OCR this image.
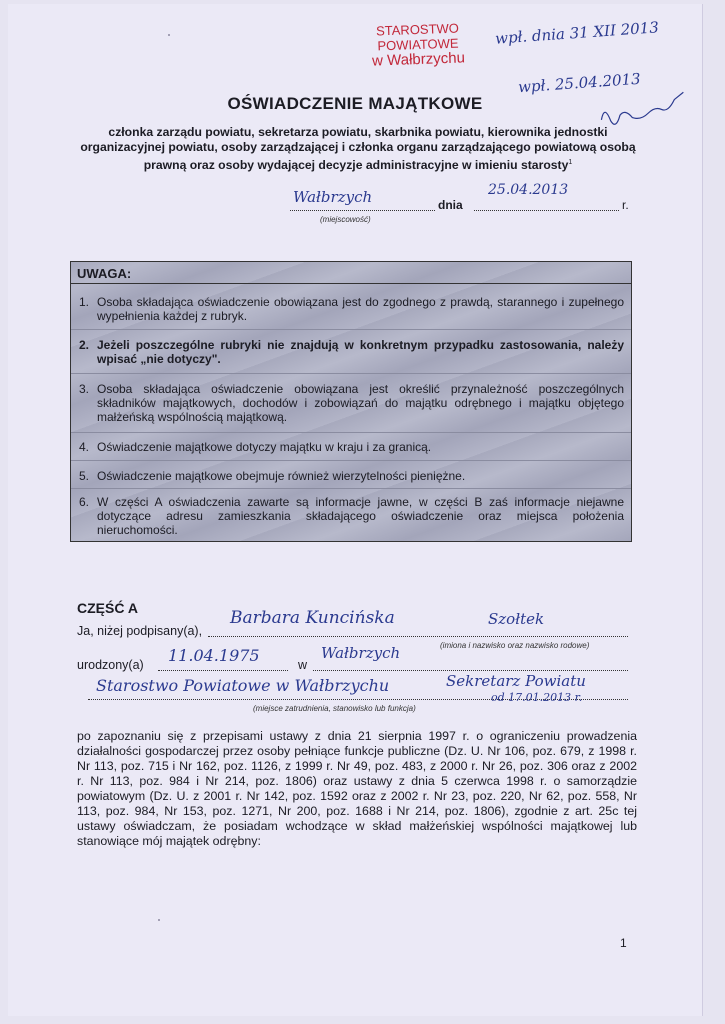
STAROSTWO POWIATOWE
w Wałbrzychu
wpł. dnia 31 XII 2013
wpł. 25.04.2013
OŚWIADCZENIE MAJĄTKOWE
członka zarządu powiatu, sekretarza powiatu, skarbnika powiatu, kierownika jednostki organizacyjnej powiatu, osoby zarządzającej i członka organu zarządzającego powiatową osobą prawną oraz osoby wydającej decyzje administracyjne w imieniu starosty$^1$
Wałbrzych	dnia
25.04.2013
r.
(miejscowość)
UWAGA:
1. Osoba składająca oświadczenie obowiązana jest do zgodnego z prawdą, starannego i zupełnego wypełnienia każdej z rubryk.
2. Jeżeli poszczególne rubryki nie znajdują w konkretnym przypadku zastosowania, należy wpisać „nie dotyczy".
3. Osoba składająca oświadczenie obowiązana jest określić przynależność poszczególnych składników majątkowych, dochodów i zobowiązań do majątku odrębnego i majątku objętego małżeńską wspólnością majątkową.
4. Oświadczenie majątkowe dotyczy majątku w kraju i za granicą.
5. Oświadczenie majątkowe obejmuje również wierzytelności pieniężne.
6. W części A oświadczenia zawarte są informacje jawne, w części B zaś informacje niejawne dotyczące adresu zamieszkania składającego oświadczenie oraz miejsca położenia nieruchomości.
CZĘŚĆ A
Ja, niżej podpisany(a),
Barbara Kuncińska	Szołtek
(imiona i nazwisko oraz nazwisko rodowe)
urodzony(a) 11.04.1975	w
Wałbrzych
Starostwo Powiatowe w Wałbrzychu	Sekretarz Powiatu
od 17.01.2013 r.
(miejsce zatrudnienia, stanowisko lub funkcja)
po zapoznaniu się z przepisami ustawy z dnia 21 sierpnia 1997 r. o ograniczeniu prowadzenia działalności gospodarczej przez osoby pełniące funkcje publiczne (Dz. U. Nr 106, poz. 679, z 1998 r. Nr 113, poz. 715 i Nr 162, poz. 1126, z 1999 r. Nr 49, poz. 483, z 2000 r. Nr 26, poz. 306 oraz z 2002 r. Nr 113, poz. 984 i Nr 214, poz. 1806) oraz ustawy z dnia 5 czerwca 1998 r. o samorządzie powiatowym (Dz. U. z 2001 r. Nr 142, poz. 1592 oraz z 2002 r. Nr 23, poz. 220, Nr 62, poz. 558, Nr 113, poz. 984, Nr 153, poz. 1271, Nr 200, poz. 1688 i Nr 214, poz. 1806), zgodnie z art. 25c tej ustawy oświadczam, że posiadam wchodzące w skład małżeńskiej wspólności majątkowej lub stanowiące mój majątek odrębny:
1
